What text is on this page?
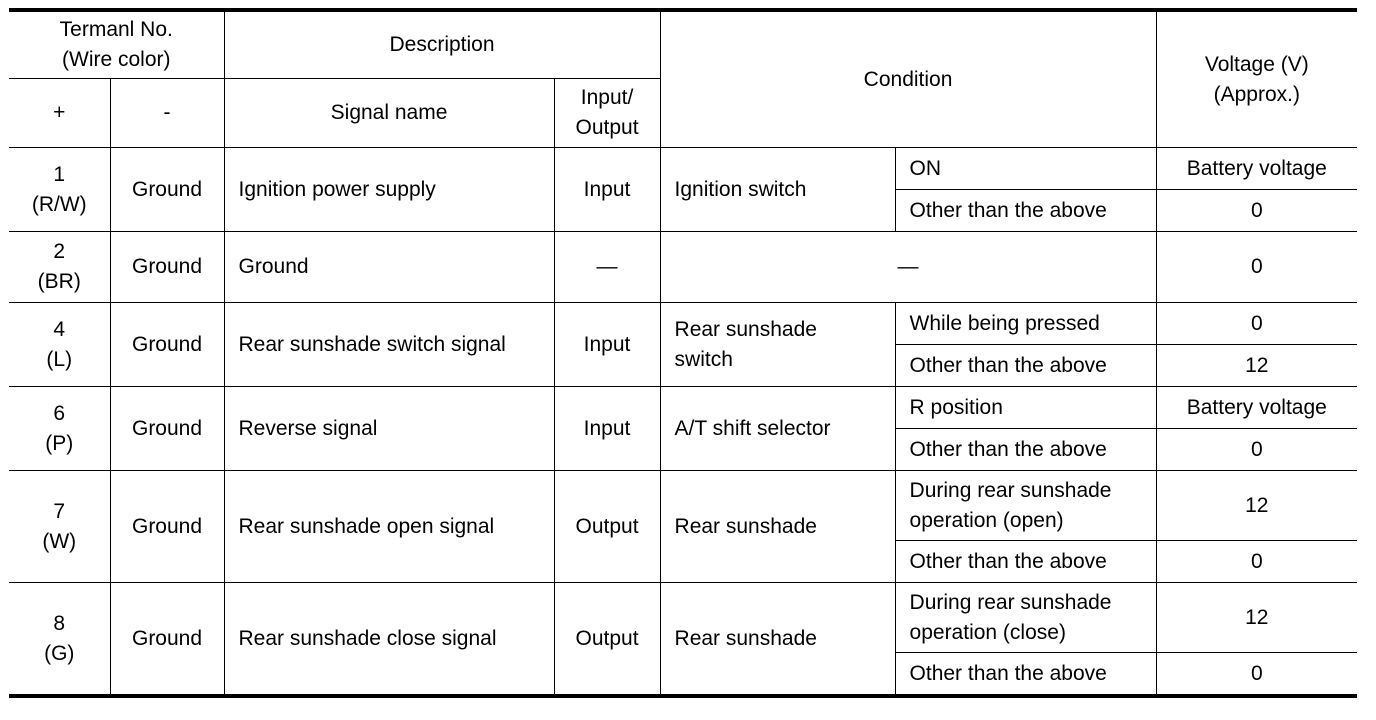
Termanl No.
(Wire color)		Description		Condition		Voltage (V)
(Approx.)

+	-	Signal name	Input/
Output			

1
(R/W)	Ground	Ignition power supply	Input	Ignition switch	ON	Battery voltage
					Other than the above	0

2
(BR)	Ground	Ground	—	—		0

4
(L)	Ground	Rear sunshade switch signal	Input	Rear sunshade
switch	While being pressed	0
					Other than the above	12

6
(P)	Ground	Reverse signal	Input	A/T shift selector	R position	Battery voltage
					Other than the above	0

7
(W)	Ground	Rear sunshade open signal	Output	Rear sunshade	During rear sunshade
operation (open)	12
					Other than the above	0

8
(G)	Ground	Rear sunshade close signal	Output	Rear sunshade	During rear sunshade
operation (close)	12
					Other than the above	0
